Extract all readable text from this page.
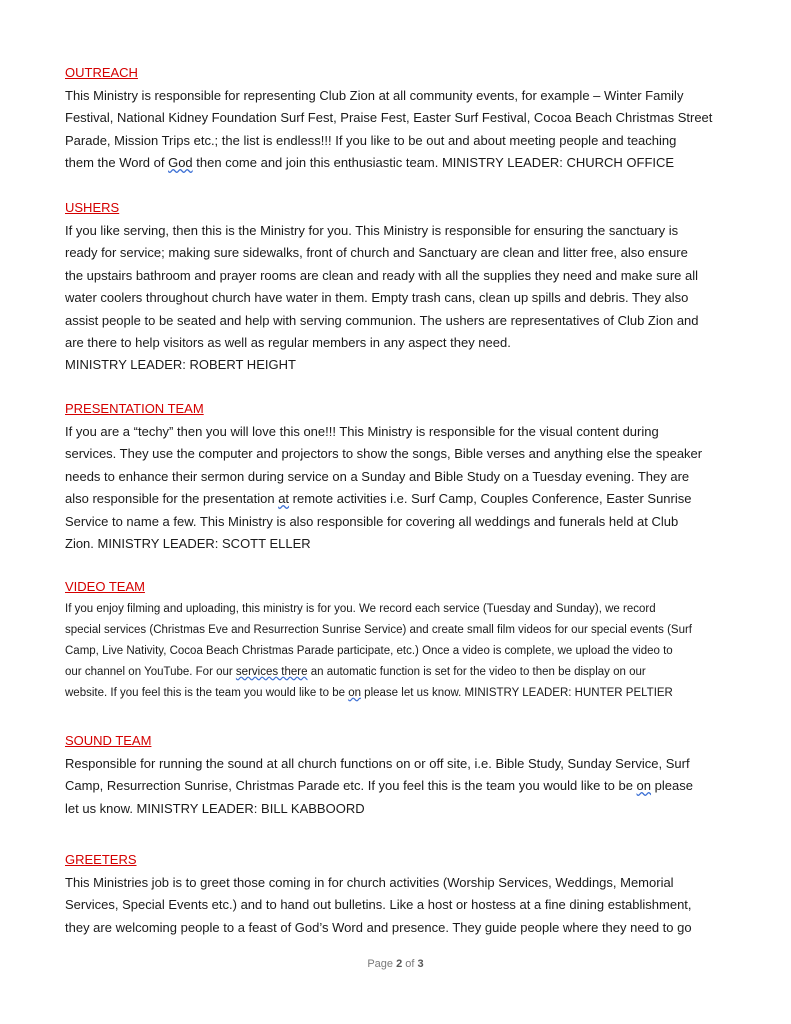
OUTREACH
This Ministry is responsible for representing Club Zion at all community events, for example – Winter Family
Festival, National Kidney Foundation Surf Fest, Praise Fest, Easter Surf Festival, Cocoa Beach Christmas Street
Parade, Mission Trips etc.; the list is endless!!! If you like to be out and about meeting people and teaching
them the Word of God then come and join this enthusiastic team. MINISTRY LEADER: CHURCH OFFICE
USHERS
If you like serving, then this is the Ministry for you. This Ministry is responsible for ensuring the sanctuary is
ready for service; making sure sidewalks, front of church and Sanctuary are clean and litter free, also ensure
the upstairs bathroom and prayer rooms are clean and ready with all the supplies they need and make sure all
water coolers throughout church have water in them. Empty trash cans, clean up spills and debris. They also
assist people to be seated and help with serving communion. The ushers are representatives of Club Zion and
are there to help visitors as well as regular members in any aspect they need.
MINISTRY LEADER: ROBERT HEIGHT
PRESENTATION TEAM
If you are a “techy” then you will love this one!!! This Ministry is responsible for the visual content during
services. They use the computer and projectors to show the songs, Bible verses and anything else the speaker
needs to enhance their sermon during service on a Sunday and Bible Study on a Tuesday evening. They are
also responsible for the presentation at remote activities i.e. Surf Camp, Couples Conference, Easter Sunrise
Service to name a few. This Ministry is also responsible for covering all weddings and funerals held at Club
Zion. MINISTRY LEADER: SCOTT ELLER
VIDEO TEAM
If you enjoy filming and uploading, this ministry is for you. We record each service (Tuesday and Sunday), we record
special services (Christmas Eve and Resurrection Sunrise Service) and create small film videos for our special events (Surf
Camp, Live Nativity, Cocoa Beach Christmas Parade participate, etc.) Once a video is complete, we upload the video to
our channel on YouTube. For our services there an automatic function is set for the video to then be display on our
website. If you feel this is the team you would like to be on please let us know. MINISTRY LEADER: HUNTER PELTIER
SOUND TEAM
Responsible for running the sound at all church functions on or off site, i.e. Bible Study, Sunday Service, Surf
Camp, Resurrection Sunrise, Christmas Parade etc. If you feel this is the team you would like to be on please
let us know. MINISTRY LEADER: BILL KABBOORD
GREETERS
This Ministries job is to greet those coming in for church activities (Worship Services, Weddings, Memorial
Services, Special Events etc.) and to hand out bulletins. Like a host or hostess at a fine dining establishment,
they are welcoming people to a feast of God’s Word and presence. They guide people where they need to go
Page 2 of 3
